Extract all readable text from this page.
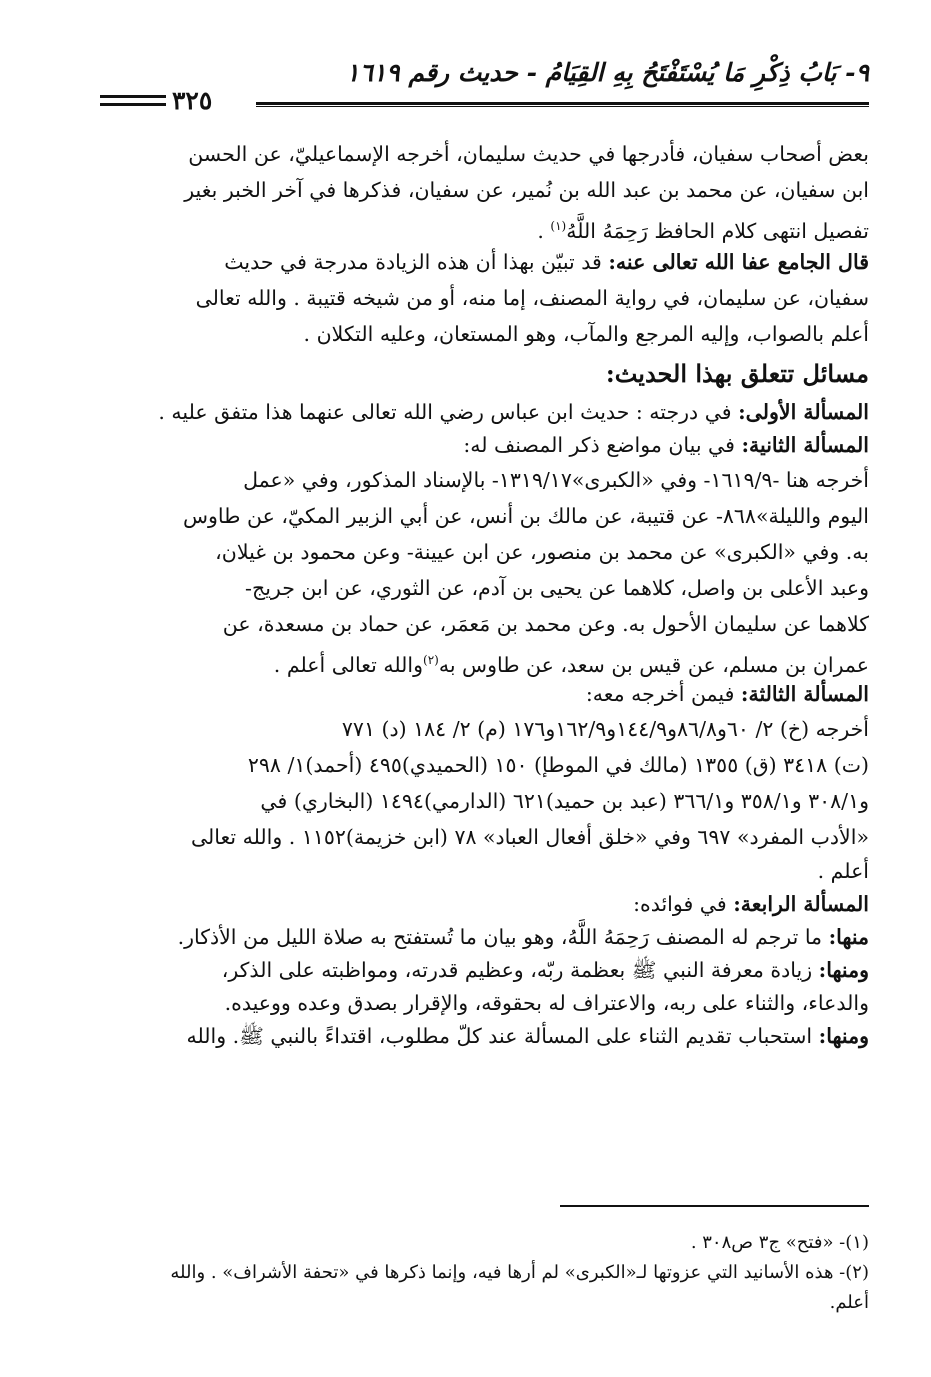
٩- بَابُ ذِكْرِ مَا يُسْتَفْتَحُ بِهِ القِيَامُ - حديث رقم ١٦١٩
٣٢٥
بعض أصحاب سفيان، فأدرجها في حديث سليمان، أخرجه الإسماعيليّ، عن الحسن
ابن سفيان، عن محمد بن عبد الله بن نُمير، عن سفيان، فذكرها في آخر الخبر بغير
تفصيل انتهى كلام الحافظ رَحِمَهُ اللَّهُ$^{(١)}$ .
قال الجامع عفا الله تعالى عنه: قد تبيّن بهذا أن هذه الزيادة مدرجة في حديث
سفيان، عن سليمان، في رواية المصنف، إما منه، أو من شيخه قتيبة . والله تعالى
أعلم بالصواب، وإليه المرجع والمآب، وهو المستعان، وعليه التكلان .
مسائل تتعلق بهذا الحديث:
المسألة الأولى: في درجته : حديث ابن عباس رضي الله تعالى عنهما هذا متفق عليه .
المسألة الثانية: في بيان مواضع ذكر المصنف له:
أخرجه هنا -١٦١٩/٩- وفي «الكبرى»١٣١٩/١٧- بالإسناد المذكور، وفي «عمل
اليوم والليلة»٨٦٨- عن قتيبة، عن مالك بن أنس، عن أبي الزبير المكيّ، عن طاوس
به. وفي «الكبرى» عن محمد بن منصور، عن ابن عيينة- وعن محمود بن غيلان،
وعبد الأعلى بن واصل، كلاهما عن يحيى بن آدم، عن الثوري، عن ابن جريج-
كلاهما عن سليمان الأحول به. وعن محمد بن مَعمَر، عن حماد بن مسعدة، عن
عمران بن مسلم، عن قيس بن سعد، عن طاوس به$^{(٢)}$والله تعالى أعلم .
المسألة الثالثة: فيمن أخرجه معه:
أخرجه (خ) ٢/ ٦٠و٨٦/٨و١٤٤/٩و١٦٢/٩و١٧٦ (م) ٢/ ١٨٤ (د) ٧٧١
(ت) ٣٤١٨ (ق) ١٣٥٥ (مالك في الموطإ) ١٥٠ (الحميدي)٤٩٥ (أحمد)١/ ٢٩٨
و٣٠٨/١ و٣٥٨/١ و٣٦٦/١ (عبد بن حميد)٦٢١ (الدارمي)١٤٩٤ (البخاري) في
«الأدب المفرد» ٦٩٧ وفي «خلق أفعال العباد» ٧٨ (ابن خزيمة)١١٥٢ . والله تعالى
أعلم .
المسألة الرابعة: في فوائده:
منها: ما ترجم له المصنف رَحِمَهُ اللَّهُ، وهو بيان ما تُستفتح به صلاة الليل من الأذكار.
ومنها: زيادة معرفة النبي ﷺ بعظمة ربّه، وعظيم قدرته، ومواظبته على الذكر،
والدعاء، والثناء على ربه، والاعتراف له بحقوقه، والإقرار بصدق وعده ووعيده.
ومنها: استحباب تقديم الثناء على المسألة عند كلّ مطلوب، اقتداءً بالنبي ﷺ. والله
(١)- «فتح» ج٣ ص٣٠٨ .
(٢)- هذه الأسانيد التي عزوتها لـ«الكبرى» لم أرها فيه، وإنما ذكرها في «تحفة الأشراف» . والله
أعلم.
